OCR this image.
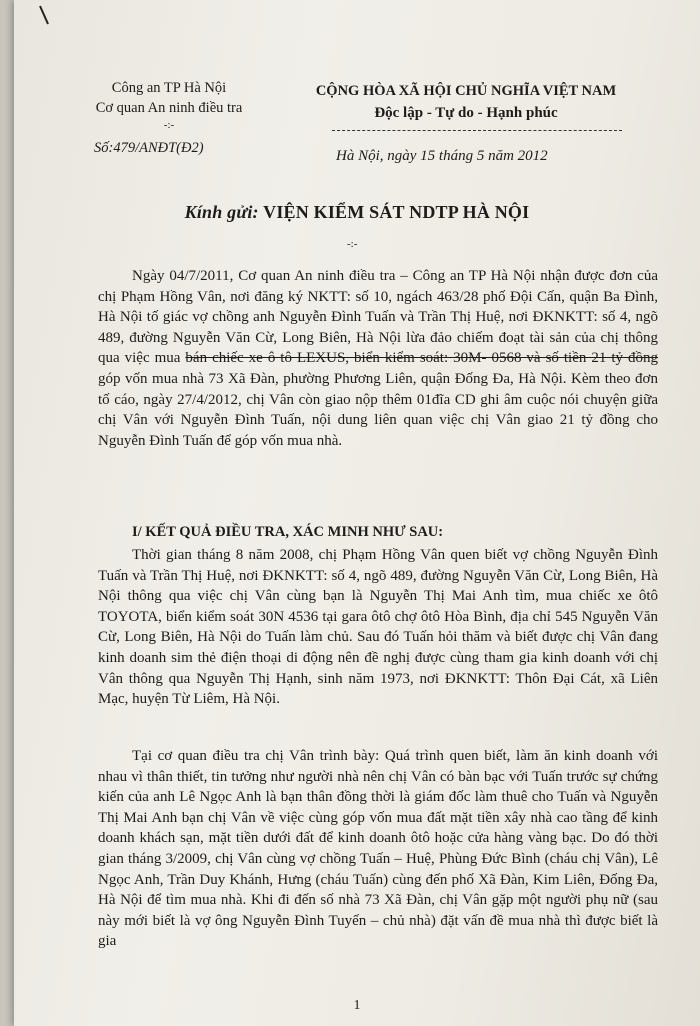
Công an TP Hà Nội
Cơ quan An ninh điều tra
-:-
Số:479/ANĐT(Đ2)
CỘNG HÒA XÃ HỘI CHỦ NGHĨA VIỆT NAM
Độc lập - Tự do - Hạnh phúc
Hà Nội, ngày 15 tháng 5 năm 2012
Kính gửi: VIỆN KIỂM SÁT NDTP HÀ NỘI
-:-
Ngày 04/7/2011, Cơ quan An ninh điều tra – Công an TP Hà Nội nhận được đơn của chị Phạm Hồng Vân, nơi đăng ký NKTT: số 10, ngách 463/28 phố Đội Cấn, quận Ba Đình, Hà Nội tố giác vợ chồng anh Nguyễn Đình Tuấn và Trần Thị Huệ, nơi ĐKNKTT: số 4, ngõ 489, đường Nguyễn Văn Cừ, Long Biên, Hà Nội lừa đảo chiếm đoạt tài sản của chị thông qua việc mua bán chiếc xe ô tô LEXUS, biển kiểm soát: 30M- 0568 và số tiền 21 tỷ đồng góp vốn mua nhà 73 Xã Đàn, phường Phương Liên, quận Đống Đa, Hà Nội. Kèm theo đơn tố cáo, ngày 27/4/2012, chị Vân còn giao nộp thêm 01đĩa CD ghi âm cuộc nói chuyện giữa chị Vân với Nguyễn Đình Tuấn, nội dung liên quan việc chị Vân giao 21 tỷ đồng cho Nguyễn Đình Tuấn để góp vốn mua nhà.
I/ KẾT QUẢ ĐIỀU TRA, XÁC MINH NHƯ SAU:
Thời gian tháng 8 năm 2008, chị Phạm Hồng Vân quen biết vợ chồng Nguyễn Đình Tuấn và Trần Thị Huệ, nơi ĐKNKTT: số 4, ngõ 489, đường Nguyễn Văn Cừ, Long Biên, Hà Nội thông qua việc chị Vân cùng bạn là Nguyễn Thị Mai Anh tìm, mua chiếc xe ôtô TOYOTA, biển kiểm soát 30N 4536 tại gara ôtô chợ ôtô Hòa Bình, địa chỉ 545 Nguyễn Văn Cừ, Long Biên, Hà Nội do Tuấn làm chủ. Sau đó Tuấn hỏi thăm và biết được chị Vân đang kinh doanh sim thẻ điện thoại di động nên đề nghị được cùng tham gia kinh doanh với chị Vân thông qua Nguyễn Thị Hạnh, sinh năm 1973, nơi ĐKNKTT: Thôn Đại Cát, xã Liên Mạc, huyện Từ Liêm, Hà Nội.
Tại cơ quan điều tra chị Vân trình bày: Quá trình quen biết, làm ăn kinh doanh với nhau vì thân thiết, tin tưởng như người nhà nên chị Vân có bàn bạc với Tuấn trước sự chứng kiến của anh Lê Ngọc Anh là bạn thân đồng thời là giám đốc làm thuê cho Tuấn và Nguyễn Thị Mai Anh bạn chị Vân về việc cùng góp vốn mua đất mặt tiền xây nhà cao tầng để kinh doanh khách sạn, mặt tiền dưới đất để kinh doanh ôtô hoặc cửa hàng vàng bạc. Do đó thời gian tháng 3/2009, chị Vân cùng vợ chồng Tuấn – Huệ, Phùng Đức Bình (cháu chị Vân), Lê Ngọc Anh, Trần Duy Khánh, Hưng (cháu Tuấn) cùng đến phố Xã Đàn, Kim Liên, Đống Đa, Hà Nội để tìm mua nhà. Khi đi đến số nhà 73 Xã Đàn, chị Vân gặp một người phụ nữ (sau này mới biết là vợ ông Nguyễn Đình Tuyến – chủ nhà) đặt vấn đề mua nhà thì được biết là gia
1
